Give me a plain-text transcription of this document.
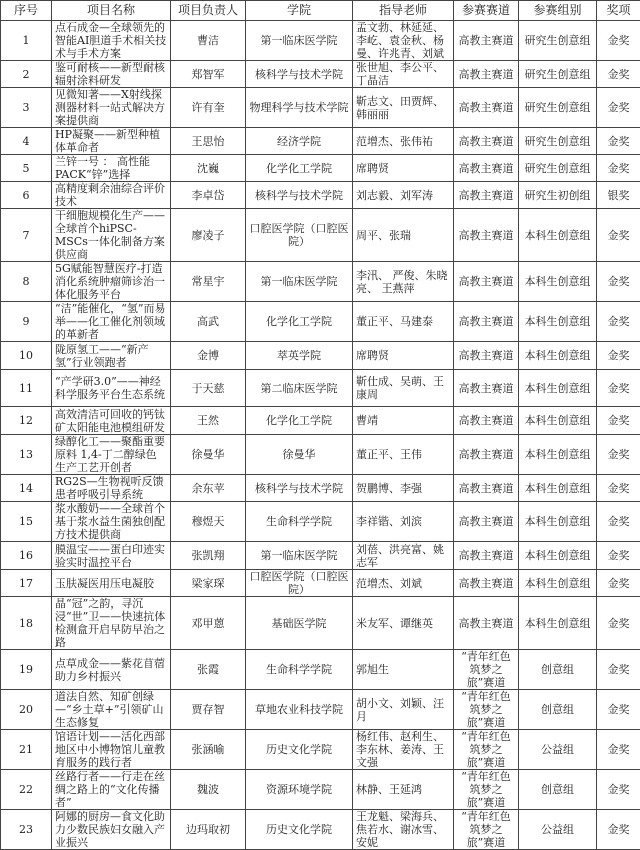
序号	项目名称	项目负责人	学院	指导老师	参赛赛道	参赛组别	奖项
1	点石成金—全球领先的智能AI胆道手术相关技术与手术方案	曹洁	第一临床医学院	孟文勃、林延延、李屹、袁金秋、杨曼、许兆青、刘斌	高教主赛道	研究生创意组	金奖
2	鉴可耐核——新型耐核辐射涂料研发	郑智军	核科学与技术学院	张世旭、李公平、丁晶洁	高教主赛道	研究生创意组	金奖
3	见微知著——X射线探测器材料一站式解决方案提供商	许有奎	物理科学与技术学院	靳志文、田贾辉、韩丽丽	高教主赛道	研究生创意组	金奖
4	HP凝聚——新型种植体革命者	王思怡	经济学院	范增杰、张伟祐	高教主赛道	研究生创意组	金奖
5	兰锌一号 ： 高性能PACK“锌”选择	沈巍	化学化工学院	席聘贤	高教主赛道	研究生创意组	金奖
6	高精度剩余油综合评价技术	李卓岱	核科学与技术学院	刘志毅、刘军涛	高教主赛道	研究生初创组	银奖
7	干细胞规模化生产——全球首个hiPSC-MSCs一体化制备方案供应商	廖凌子	口腔医学院（口腔医院）	周平、张瑞	高教主赛道	本科生创意组	金奖
8	5G赋能智慧医疗-打造消化系统肿瘤筛诊治一体化服务平台	常星宇	第一临床医学院	李汛、 严俊、朱晓亮、 王燕萍	高教主赛道	本科生创意组	金奖
9	“洁”能催化，“氢”而易举——化工催化剂领域的革新者	高武	化学化工学院	董正平、马建泰	高教主赛道	本科生创意组	金奖
10	陇原氢工——“新产氢”行业领跑者	金博	萃英学院	席聘贤	高教主赛道	本科生创意组	金奖
11	“产学研3.0”——神经科学服务平台生态系统	于天慈	第二临床医学院	靳仕成、吴萌、王康周	高教主赛道	本科生创意组	金奖
12	高效清洁可回收的钙钛矿太阳能电池模组研发	王然	化学化工学院	曹靖	高教主赛道	本科生创意组	金奖
13	绿醇化工——聚酯重要原料 1,4-丁二醇绿色生产工艺开创者	徐曼华	徐曼华	董正平、王伟	高教主赛道	本科生创意组	金奖
14	RG2S—生物视听反馈患者呼吸引导系统	余东苹	核科学与技术学院	贺鹏博、李强	高教主赛道	本科生创意组	金奖
15	浆水酸奶——全球首个基于浆水益生菌独创配方技术提供商	穆煜天	生命科学学院	李祥锴、刘滨	高教主赛道	本科生创意组	金奖
16	膜温宝——蛋白印迹实验实时温控平台	张凯翔	第一临床医学院	刘蓓、洪亮富、姚志军	高教主赛道	本科生创意组	金奖
17	玉肤凝医用压电凝胶	梁家琛	口腔医学院（口腔医院）	范增杰、刘斌	高教主赛道	本科生创意组	金奖
18	晶“冠”之韵，寻沉浸“世”卫——快速抗体检测盒开启早防早治之路	邓甲蒽	基础医学院	米友军、谭继英	高教主赛道	本科生创意组	金奖
19	点草成金——紫花苜蓿助力乡村振兴	张霞	生命科学学院	郭旭生	“青年红色筑梦之旅”赛道	创意组	金奖
20	道法自然、知矿创绿—“乡土草+”引领矿山生态修复	贾存智	草地农业科技学院	胡小文、刘颖、汪月	“青年红色筑梦之旅”赛道	创意组	金奖
21	馆语计划——活化西部地区中小博物馆儿童教育服务的践行者	张涵喻	历史文化学院	杨红伟、赵利生、李东林、姜涛、王文强	“青年红色筑梦之旅”赛道	公益组	金奖
22	丝路行者——行走在丝绸之路上的“文化传播者”	魏波	资源环境学院	林静、王延鸿	“青年红色筑梦之旅”赛道	创意组	金奖
23	阿娜的厨房—食文化助力少数民族妇女融入产业振兴	边玛取初	历史文化学院	王龙魁、梁海兵、焦若水、谢冰雪、安妮	“青年红色筑梦之旅”赛道	公益组	金奖
